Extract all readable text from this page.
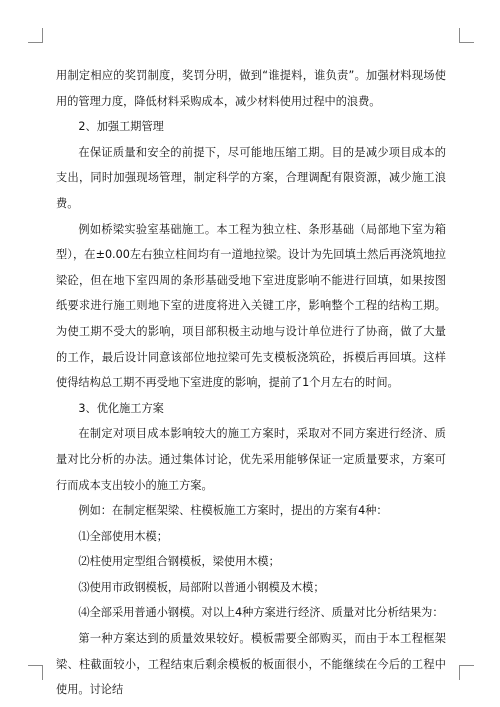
用制定相应的奖罚制度，奖罚分明，做到“谁提料，谁负责”。加强材料现场使用的管理力度，降低材料采购成本，减少材料使用过程中的浪费。

2、加强工期管理

在保证质量和安全的前提下，尽可能地压缩工期。目的是减少项目成本的支出，同时加强现场管理，制定科学的方案，合理调配有限资源，减少施工浪费。

例如桥梁实验室基础施工。本工程为独立柱、条形基础（局部地下室为箱型），在±0.00左右独立柱间均有一道地拉梁。设计为先回填土然后再浇筑地拉梁砼，但在地下室四周的条形基础受地下室进度影响不能进行回填，如果按图纸要求进行施工则地下室的进度将进入关键工序，影响整个工程的结构工期。为使工期不受大的影响，项目部积极主动地与设计单位进行了协商，做了大量的工作，最后设计同意该部位地拉梁可先支模板浇筑砼，拆模后再回填。这样使得结构总工期不再受地下室进度的影响，提前了1个月左右的时间。

3、优化施工方案

在制定对项目成本影响较大的施工方案时，采取对不同方案进行经济、质量对比分析的办法。通过集体讨论，优先采用能够保证一定质量要求，方案可行而成本支出较小的施工方案。

例如：在制定框架梁、柱模板施工方案时，提出的方案有4种：

⑴全部使用木模；

⑵柱使用定型组合钢模板，梁使用木模；

⑶使用市政钢模板，局部附以普通小钢模及木模；

⑷全部采用普通小钢模。对以上4种方案进行经济、质量对比分析结果为：

第一种方案达到的质量效果较好。模板需要全部购买，而由于本工程框架梁、柱截面较小，工程结束后剩余模板的板面很小，不能继续在今后的工程中使用。讨论结
